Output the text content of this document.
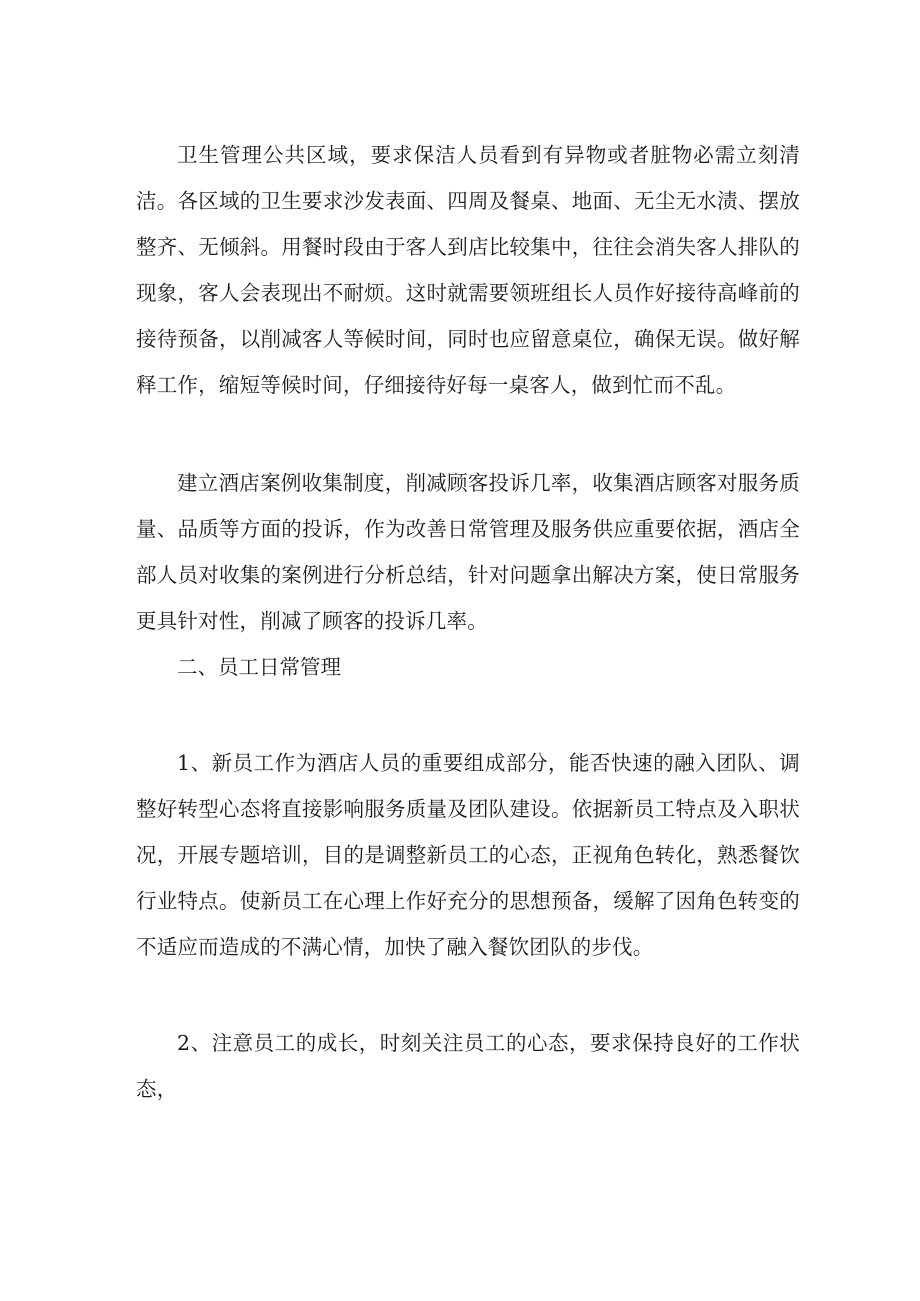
卫生管理公共区域，要求保洁人员看到有异物或者脏物必需立刻清洁。各区域的卫生要求沙发表面、四周及餐桌、地面、无尘无水渍、摆放整齐、无倾斜。用餐时段由于客人到店比较集中，往往会消失客人排队的现象，客人会表现出不耐烦。这时就需要领班组长人员作好接待高峰前的接待预备，以削减客人等候时间，同时也应留意桌位，确保无误。做好解释工作，缩短等候时间，仔细接待好每一桌客人，做到忙而不乱。

建立酒店案例收集制度，削减顾客投诉几率，收集酒店顾客对服务质量、品质等方面的投诉，作为改善日常管理及服务供应重要依据，酒店全部人员对收集的案例进行分析总结，针对问题拿出解决方案，使日常服务更具针对性，削减了顾客的投诉几率。

二、员工日常管理

1、新员工作为酒店人员的重要组成部分，能否快速的融入团队、调整好转型心态将直接影响服务质量及团队建设。依据新员工特点及入职状况，开展专题培训，目的是调整新员工的心态，正视角色转化，熟悉餐饮行业特点。使新员工在心理上作好充分的思想预备，缓解了因角色转变的不适应而造成的不满心情，加快了融入餐饮团队的步伐。

2、注意员工的成长，时刻关注员工的心态，要求保持良好的工作状态，
